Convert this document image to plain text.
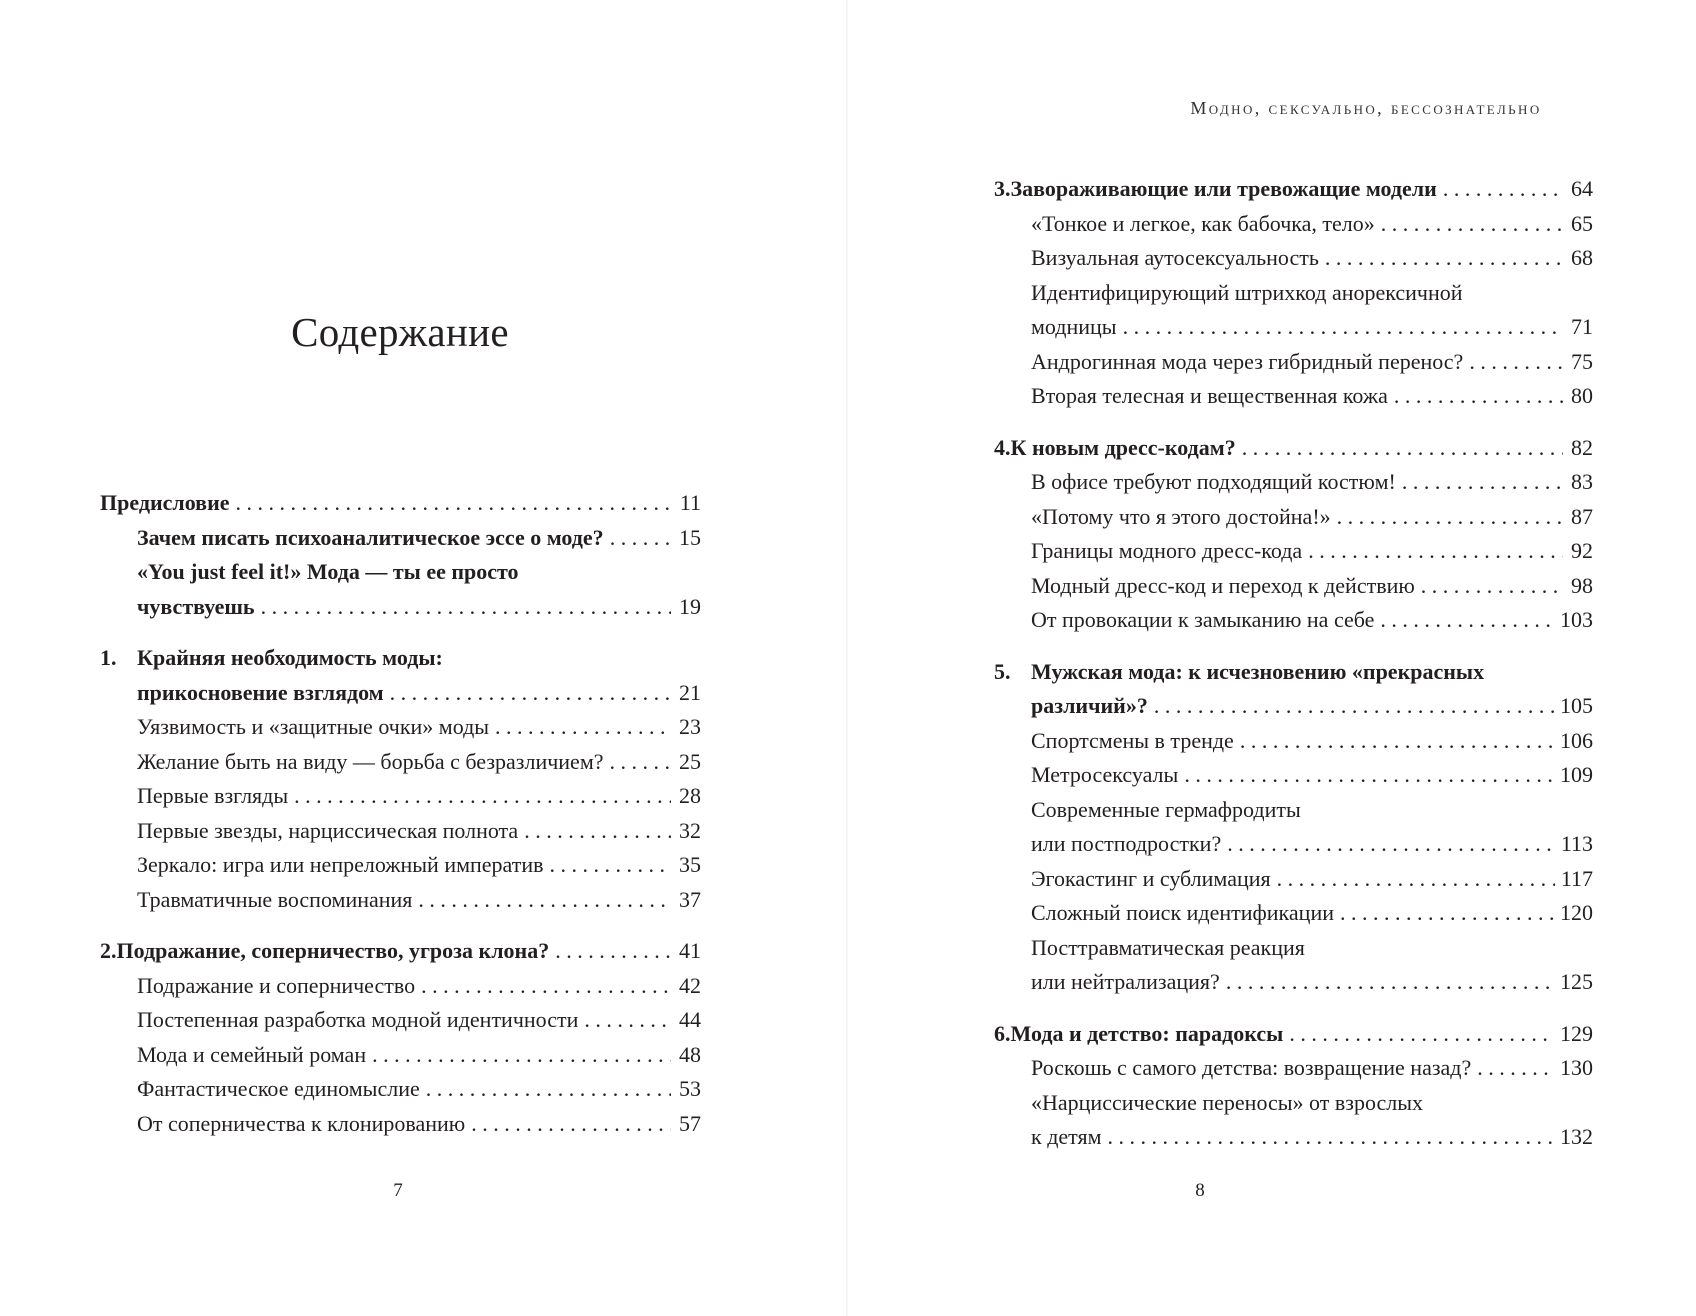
Содержание
Предисловие . . .	11
Зачем писать психоаналитическое эссе о моде? . . .	15
«You just feel it!» Мода — ты ее просто
чувствуешь . . .	19
1. Крайняя необходимость моды:
прикосновение взглядом . . .	21
Уязвимость и «защитные очки» моды . . .	23
Желание быть на виду — борьба с безразличием? . . .	25
Первые взгляды . . .	28
Первые звезды, нарциссическая полнота . . .	32
Зеркало: игра или непреложный императив . . .	35
Травматичные воспоминания . . .	37
2. Подражание, соперничество, угроза клона? . . .	41
Подражание и соперничество . . .	42
Постепенная разработка модной идентичности . . .	44
Мода и семейный роман . . .	48
Фантастическое единомыслие . . .	53
От соперничества к клонированию . . .	57
7
Модно, сексуально, бессознательно
3. Завораживающие или тревожащие модели . . .	64
«Тонкое и легкое, как бабочка, тело» . . .	65
Визуальная аутосексуальность . . .	68
Идентифицирующий штрихкод анорексичной
модницы . . .	71
Андрогинная мода через гибридный перенос? . . .	75
Вторая телесная и вещественная кожа . . .	80
4. К новым дресс-кодам? . . .	82
В офисе требуют подходящий костюм! . . .	83
«Потому что я этого достойна!» . . .	87
Границы модного дресс-кода . . .	92
Модный дресс-код и переход к действию . . .	98
От провокации к замыканию на себе . . .	103
5. Мужская мода: к исчезновению «прекрасных
различий»? . . .	105
Спортсмены в тренде . . .	106
Метросексуалы . . .	109
Современные гермафродиты
или постподростки? . . .	113
Эгокастинг и сублимация . . .	117
Сложный поиск идентификации . . .	120
Посттравматическая реакция
или нейтрализация? . . .	125
6. Мода и детство: парадоксы . . .	129
Роскошь с самого детства: возвращение назад? . . .	130
«Нарциссические переносы» от взрослых
к детям . . .	132
8
